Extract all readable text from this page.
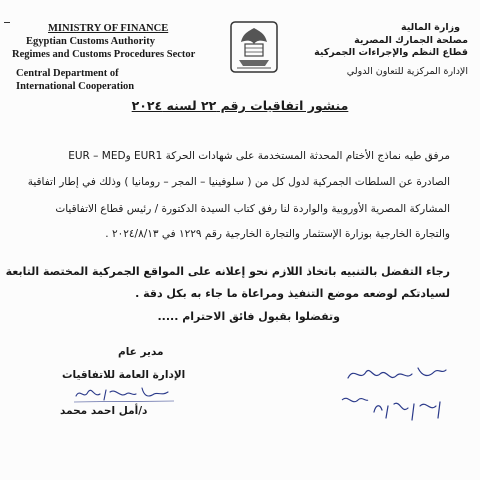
MINISTRY OF FINANCE
Egyptian Customs Authority
Regimes and Customs Procedures Sector
Central Department of
International Cooperation
وزارة المالية
مصلحة الجمارك المصرية
قطاع النظم والإجراءات الجمركية
الإدارة المركزية للتعاون الدولي
منشور اتفاقيات رقم ٢٢ لسنه ٢٠٢٤
مرفق طيه نماذج الأختام المحدثة المستخدمة على شهادات الحركة EUR1 وEUR – MED
الصادرة عن السلطات الجمركية لدول كل من ( سلوفينيا – المجر – رومانيا ) وذلك في إطار اتفاقية
المشاركة المصرية الأوروبية والواردة لنا رفق كتاب السيدة الدكتورة / رئيس قطاع الاتفاقيات
والتجارة الخارجية بوزارة الإستثمار والتجارة الخارجية رقم ١٢٢٩ في ٢٠٢٤/٨/١٣ .
رجاء التفضل بالتنبيه باتخاذ اللازم نحو إعلانه على المواقع الجمركية المختصة التابعة
لسيادتكم لوضعه موضع التنفيذ ومراعاة ما جاء به بكل دقة .
وتفضلوا بقبول فائق الاحترام .....
مدير عام
الإدارة العامة للاتفاقيات
د/أمل احمد محمد
